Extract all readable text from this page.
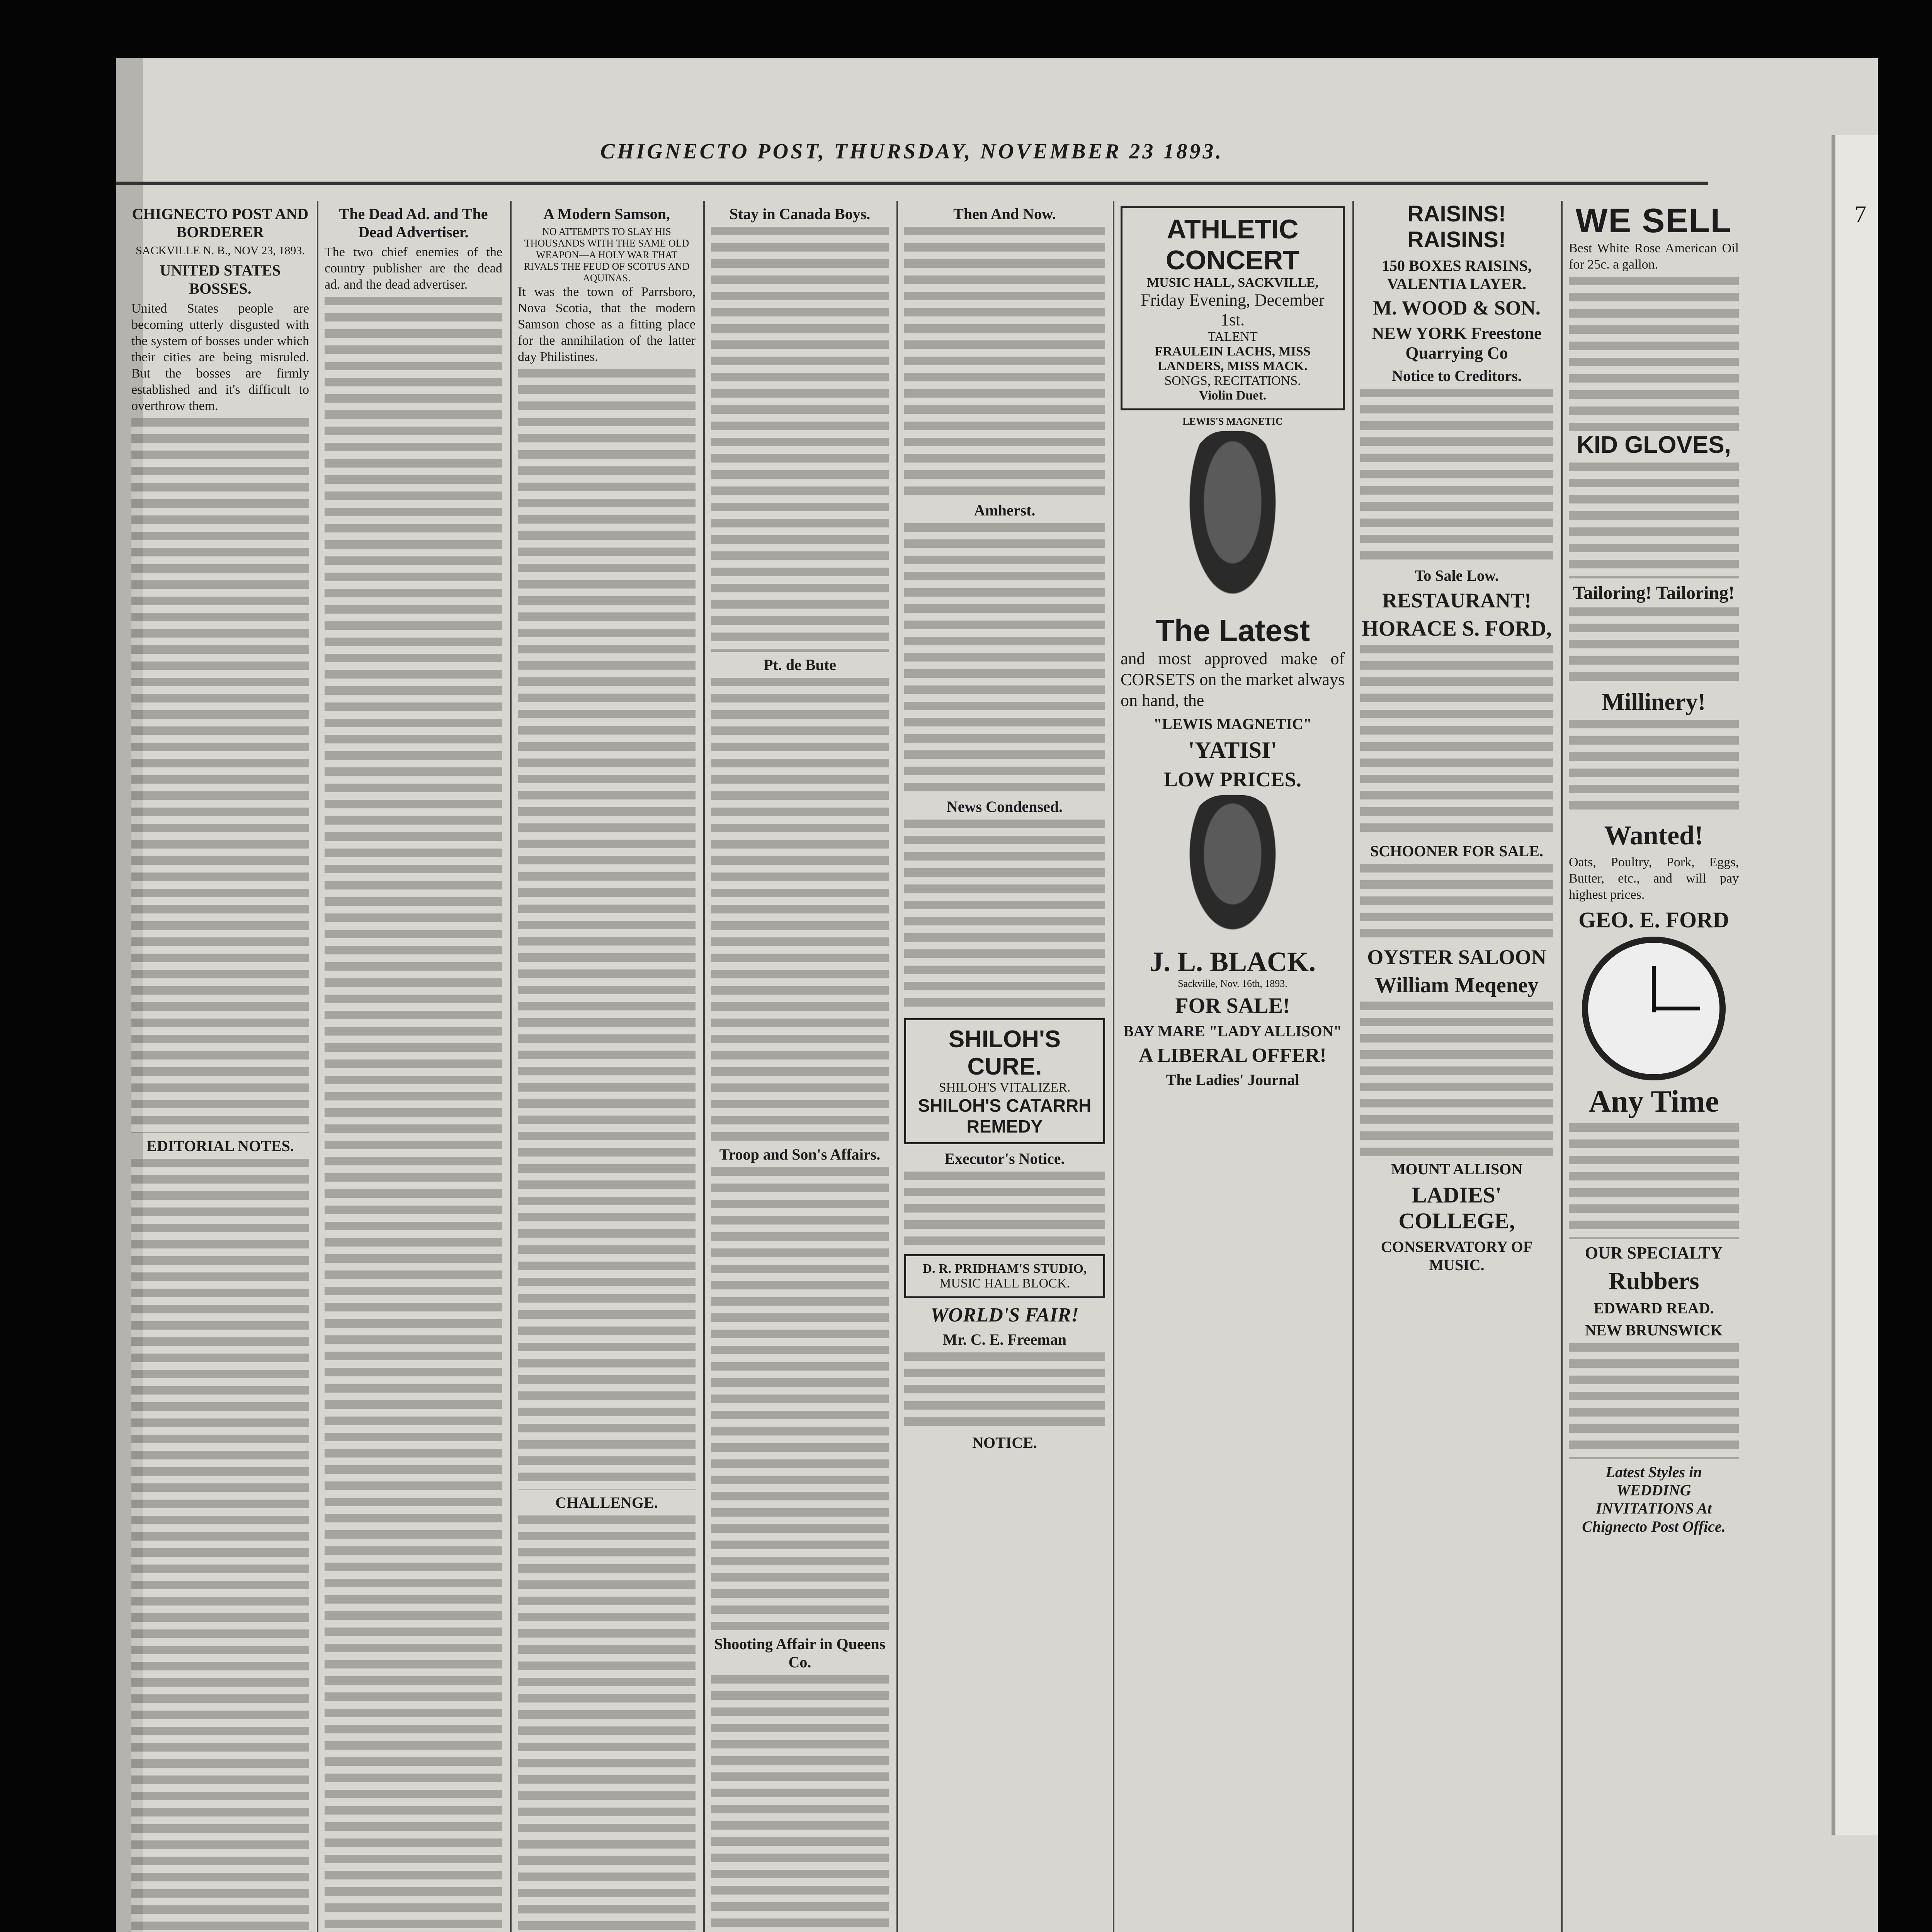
CHIGNECTO POST, THURSDAY, NOVEMBER 23 1893.
CHIGNECTO POST AND BORDERER
SACKVILLE N. B., NOV 23, 1893.
UNITED STATES BOSSES.

United States people are becoming utterly disgusted with the system of bosses under which their cities are being misruled. But the bosses are firmly established and it's difficult to overthrow them.

EDITORIAL NOTES.
The Dead Ad. and The Dead Advertiser.

The two chief enemies of the country publisher are the dead ad. and the dead advertiser.

A Modern Samson,
NO ATTEMPTS TO SLAY HIS THOUSANDS WITH THE SAME OLD WEAPON—A HOLY WAR THAT RIVALS THE FEUD OF SCOTUS AND AQUINAS.

It was the town of Parrsboro, Nova Scotia, that the modern Samson chose as a fitting place for the annihilation of the latter day Philistines.

CHALLENGE.
Stay in Canada Boys.
Pt. de Bute
Troop and Son's Affairs.
Shooting Affair in Queens Co.
Then And Now.
Amherst.
News Condensed.
SHILOH'S CURE.
SHILOH'S VITALIZER.
SHILOH'S CATARRH REMEDY
Executor's Notice.
D. R. PRIDHAM'S STUDIO,
MUSIC HALL BLOCK.
WORLD'S FAIR!
Mr. C. E. Freeman
NOTICE.
ATHLETIC CONCERT
MUSIC HALL, SACKVILLE,
Friday Evening, December 1st.
TALENT
FRAULEIN LACHS, MISS LANDERS, MISS MACK.
SONGS, RECITATIONS.
Violin Duet.
LEWIS'S MAGNETIC
The Latest

and most approved make of CORSETS on the market always on hand, the

"LEWIS MAGNETIC"
'YATISI'
LOW PRICES.
J. L. BLACK.
Sackville, Nov. 16th, 1893.
FOR SALE!
BAY MARE "LADY ALLISON"
A LIBERAL OFFER!
The Ladies' Journal
RAISINS! RAISINS!
150 BOXES RAISINS, VALENTIA LAYER.
M. WOOD & SON.
NEW YORK Freestone Quarrying Co
Notice to Creditors.
To Sale Low.
RESTAURANT!
HORACE S. FORD,
SCHOONER FOR SALE.
OYSTER SALOON
William Meqeney
MOUNT ALLISON
LADIES' COLLEGE,
CONSERVATORY OF MUSIC.
WE SELL

Best White Rose American Oil for 25c. a gallon.

KID GLOVES,
Tailoring! Tailoring!
Millinery!
Wanted!

Oats, Poultry, Pork, Eggs, Butter, etc., and will pay highest prices.

GEO. E. FORD
Any Time
OUR SPECIALTY
Rubbers
EDWARD READ.
NEW BRUNSWICK
Latest Styles in WEDDING INVITATIONS At Chignecto Post Office.
7
